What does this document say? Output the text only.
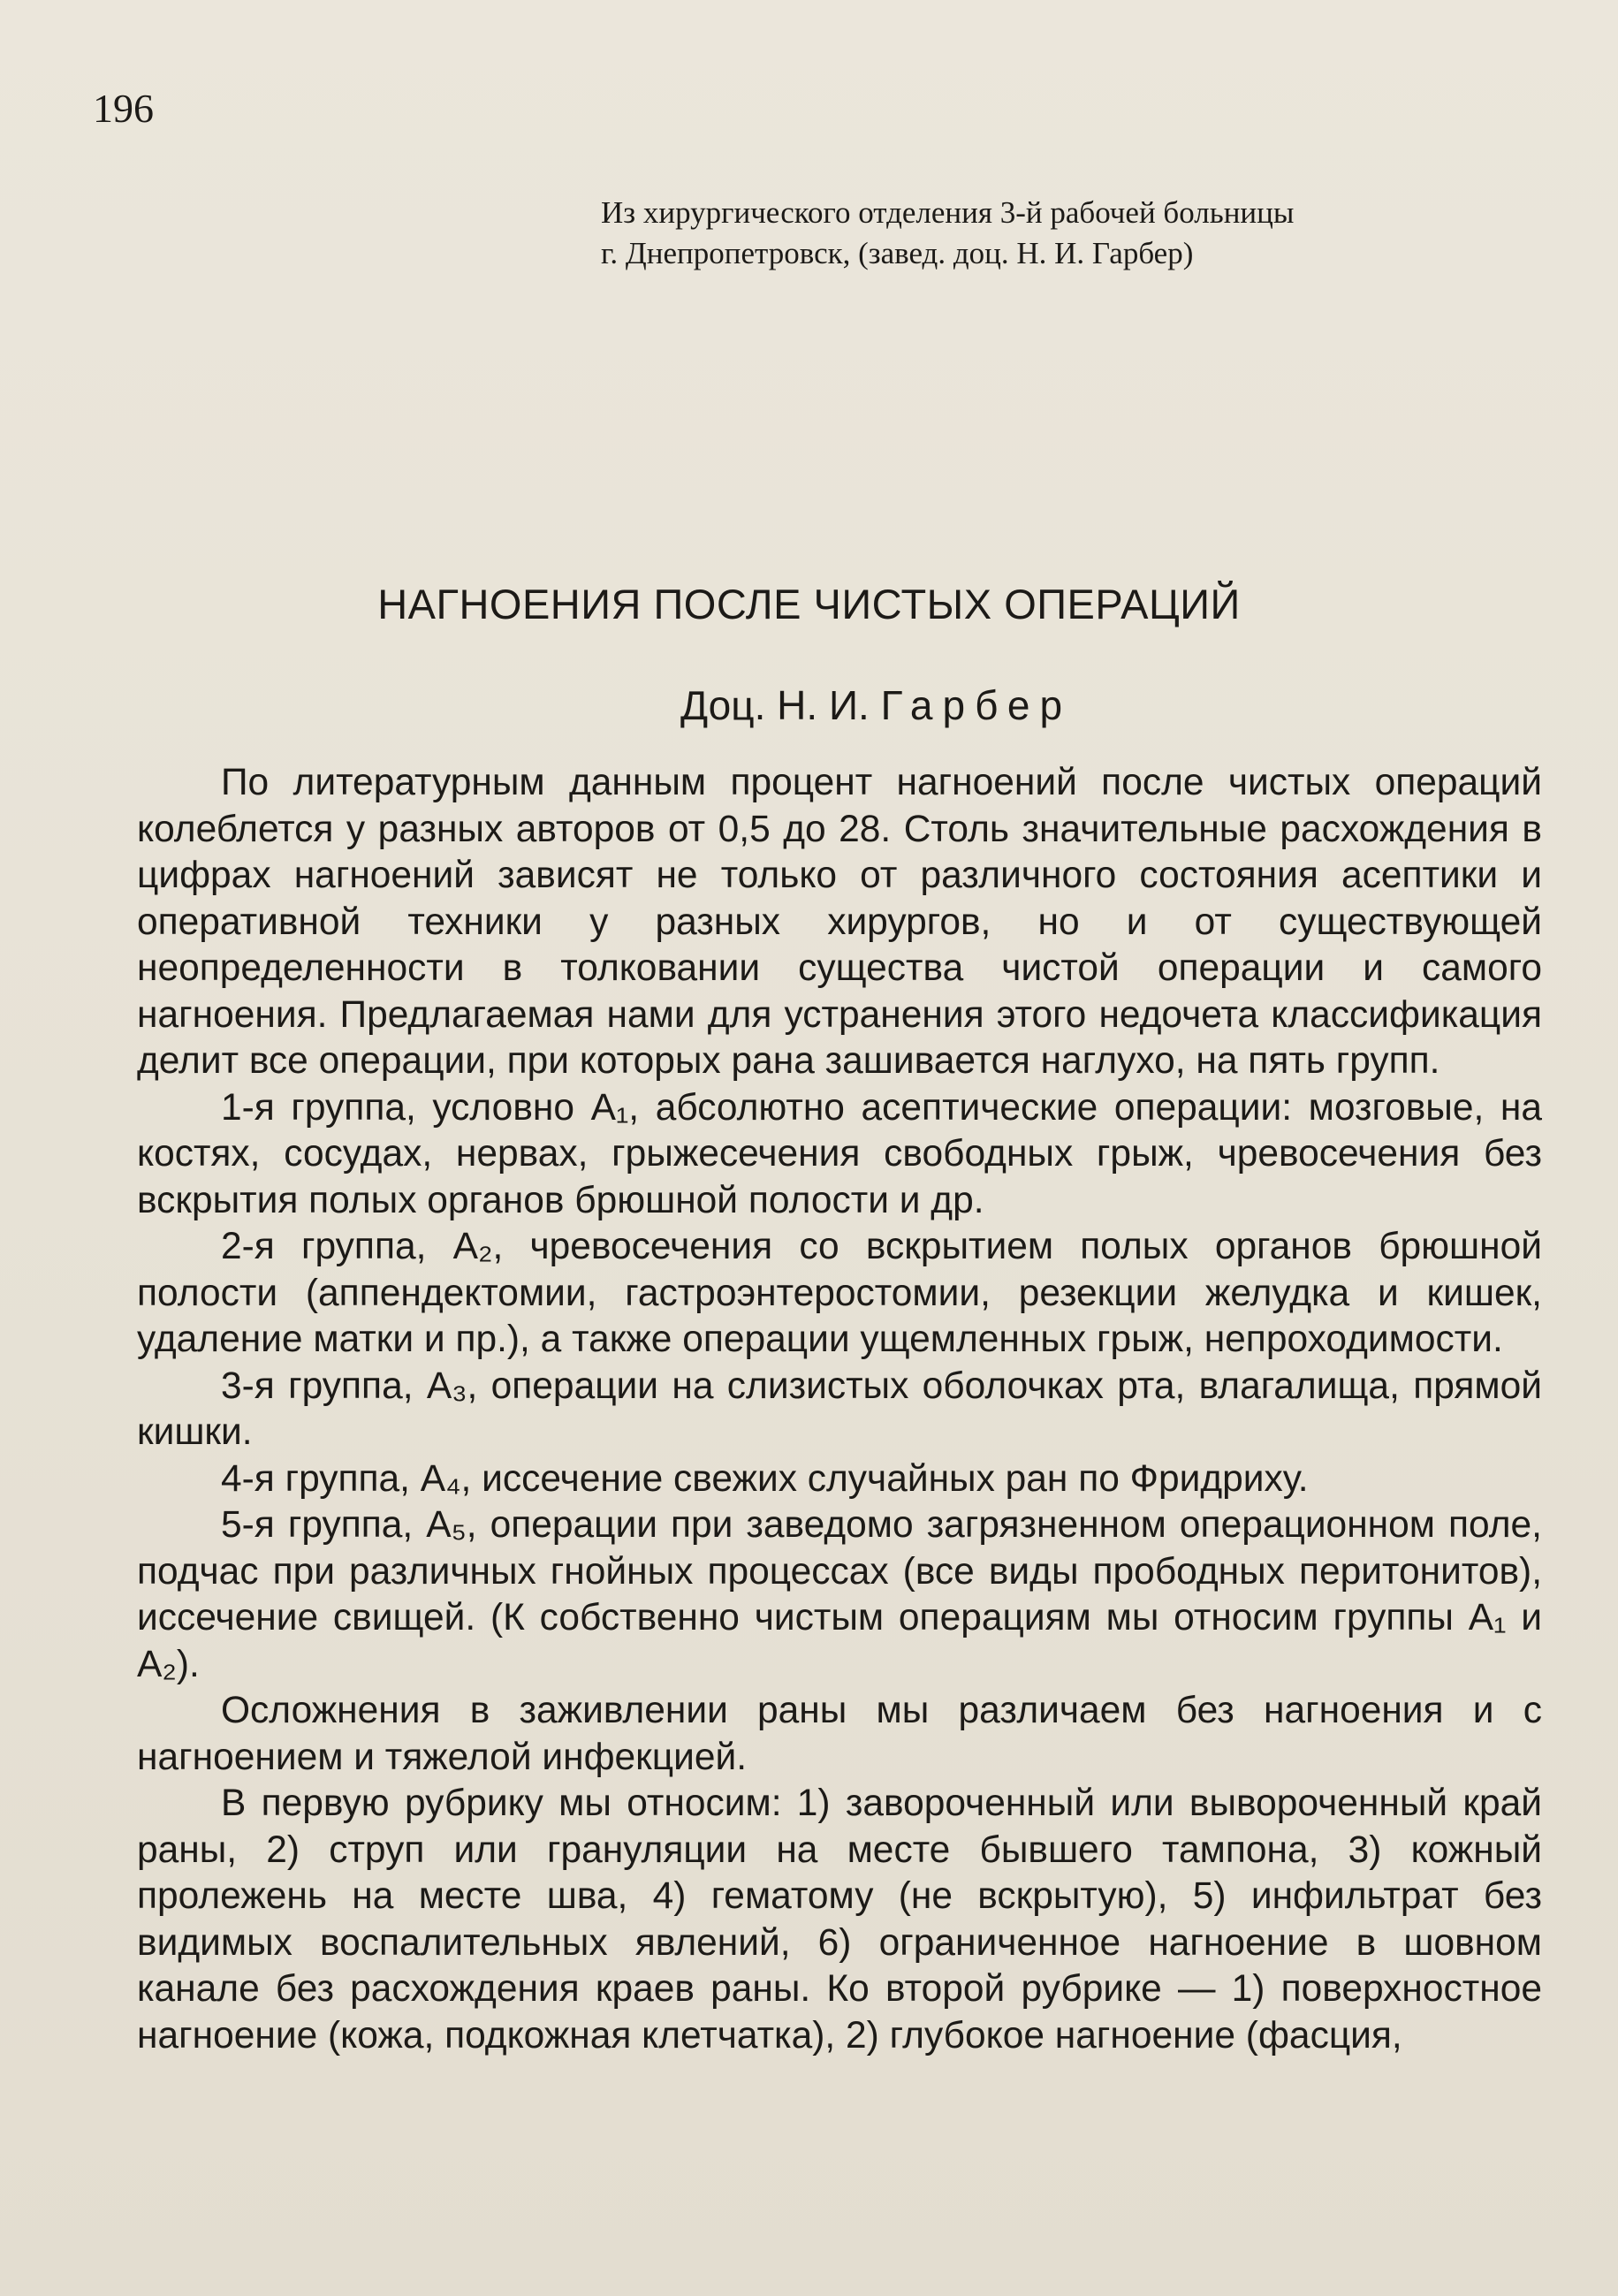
196
Из хирургического отделения 3-й рабочей больницы
г. Днепропетровск, (завед. доц. Н. И. Гарбер)
НАГНОЕНИЯ ПОСЛЕ ЧИСТЫХ ОПЕРАЦИЙ
Доц. Н. И. Гарбер

По литературным данным процент нагноений после чистых операций колеблется у разных авторов от 0,5 до 28. Столь значительные расхождения в цифрах нагноений зависят не только от различного состояния асептики и оперативной техники у разных хирургов, но и от существующей неопределенности в толковании существа чистой операции и самого нагноения. Предлагаемая нами для устранения этого недочета классификация делит все операции, при которых рана зашивается наглухо, на пять групп.

1-я группа, условно A₁, абсолютно асептические операции: мозговые, на костях, сосудах, нервах, грыжесечения свободных грыж, чревосечения без вскрытия полых органов брюшной полости и др.

2-я группа, A₂, чревосечения со вскрытием полых органов брюшной полости (аппендектомии, гастроэнтеростомии, резекции желудка и кишек, удаление матки и пр.), а также операции ущемленных грыж, непроходимости.

3-я группа, A₃, операции на слизистых оболочках рта, влагалища, прямой кишки.

4-я группа, A₄, иссечение свежих случайных ран по Фридриху.

5-я группа, A₅, операции при заведомо загрязненном операционном поле, подчас при различных гнойных процессах (все виды прободных перитонитов), иссечение свищей. (К собственно чистым операциям мы относим группы A₁ и A₂).

Осложнения в заживлении раны мы различаем без нагноения и с нагноением и тяжелой инфекцией.

В первую рубрику мы относим: 1) завороченный или вывороченный край раны, 2) струп или грануляции на месте бывшего тампона, 3) кожный пролежень на месте шва, 4) гематому (не вскрытую), 5) инфильтрат без видимых воспалительных явлений, 6) ограниченное нагноение в шовном канале без расхождения краев раны. Ко второй рубрике — 1) поверхностное нагноение (кожа, подкожная клетчатка), 2) глубокое нагноение (фасция,
